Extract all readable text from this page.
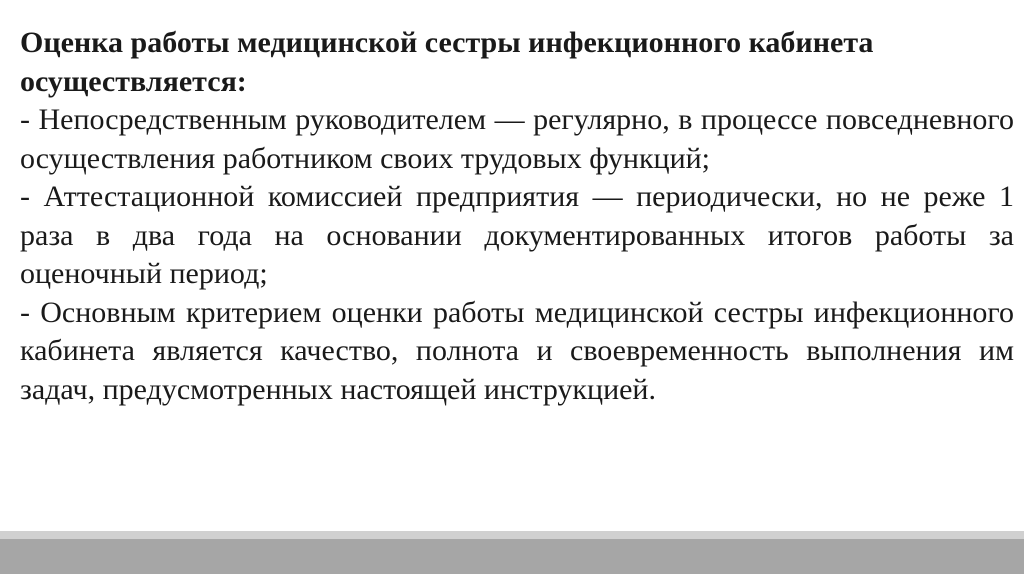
Оценка работы медицинской сестры инфекционного кабинета осуществляется:

- Непосредственным руководителем — регулярно, в процессе повседневного осуществления работником своих трудовых функций;

- Аттестационной комиссией предприятия — периодически, но не реже 1 раза в два года на основании документированных итогов работы за оценочный период;

- Основным критерием оценки работы медицинской сестры инфекционного кабинета является качество, полнота и своевременность выполнения им задач, предусмотренных настоящей инструкцией.
